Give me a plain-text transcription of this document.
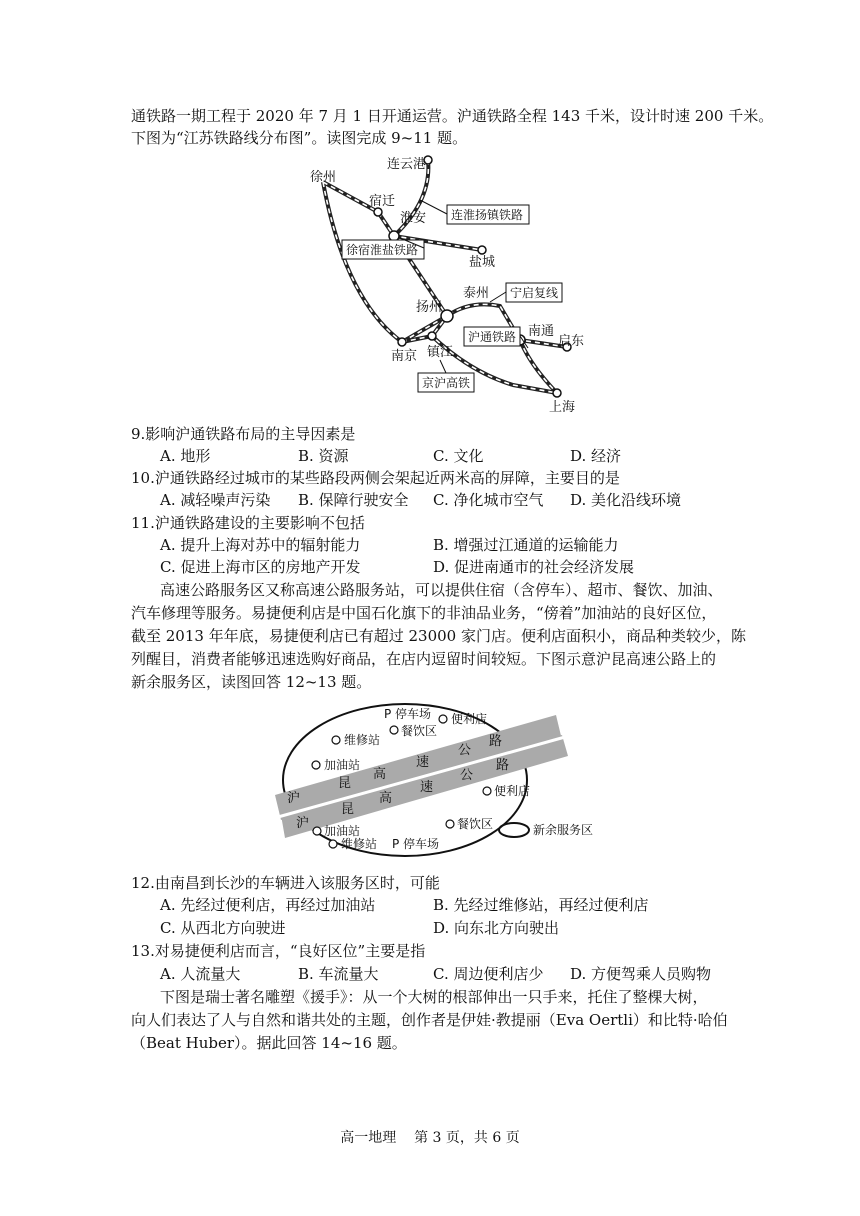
通铁路一期工程于 2020 年 7 月 1 日开通运营。沪通铁路全程 143 千米，设计时速 200 千米。
下图为“江苏铁路线分布图”。读图完成 9~11 题。
连云港
徐州
宿迁
淮安
盐城
泰州
扬州
南京 镇江
南通
启东
上海
连淮扬镇铁路
徐宿淮盐铁路
宁启复线
沪通铁路
京沪高铁
9.影响沪通铁路布局的主导因素是
A. 地形	B. 资源	C. 文化	D. 经济
10.沪通铁路经过城市的某些路段两侧会架起近两米高的屏障，主要目的是
A. 减轻噪声污染 B. 保障行驶安全 C. 净化城市空气 D. 美化沿线环境
11.沪通铁路建设的主要影响不包括
A. 提升上海对苏中的辐射能力	B. 增强过江通道的运输能力
C. 促进上海市区的房地产开发	D. 促进南通市的社会经济发展
高速公路服务区又称高速公路服务站，可以提供住宿（含停车）、超市、餐饮、加油、
汽车修理等服务。易捷便利店是中国石化旗下的非油品业务，“傍着”加油站的良好区位，
截至 2013 年年底，易捷便利店已有超过 23000 家门店。便利店面积小，商品种类较少，陈
列醒目，消费者能够迅速选购好商品，在店内逗留时间较短。下图示意沪昆高速公路上的
新余服务区，读图回答 12~13 题。
沪
昆
高
速
公
路
沪
昆
高
速
公
路
P 停车场
维修站
餐饮区
便利店
加油站
便利店
餐饮区
加油站
维修站 P 停车场
新余服务区
12.由南昌到长沙的车辆进入该服务区时，可能
A. 先经过便利店，再经过加油站	B. 先经过维修站，再经过便利店
C. 从西北方向驶进	D. 向东北方向驶出
13.对易捷便利店而言，“良好区位”主要是指
A. 人流量大	B. 车流量大	C. 周边便利店少 D. 方便驾乘人员购物
下图是瑞士著名雕塑《援手》：从一个大树的根部伸出一只手来，托住了整棵大树，
向人们表达了人与自然和谐共处的主题，创作者是伊娃·教提丽（Eva Oertli）和比特·哈伯
（Beat Huber）。据此回答 14~16 题。
高一地理    第 3 页，共 6 页
